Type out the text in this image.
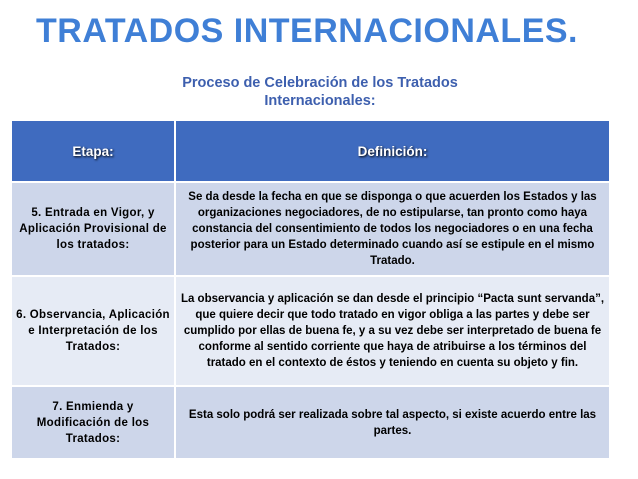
TRATADOS INTERNACIONALES.
Proceso de Celebración de los Tratados
Internacionales:
Etapa:	Definición:
5. Entrada en Vigor, y Aplicación Provisional de los tratados:	Se da desde la fecha en que se disponga o que acuerden los Estados y las organizaciones negociadores, de no estipularse, tan pronto como haya constancia del consentimiento de todos los negociadores o en una fecha posterior para un Estado determinado cuando así se estipule en el mismo Tratado.
6. Observancia, Aplicación e Interpretación de los Tratados:	La observancia y aplicación se dan desde el principio “Pacta sunt servanda”, que quiere decir que todo tratado en vigor obliga a las partes y debe ser cumplido por ellas de buena fe, y a su vez debe ser interpretado de buena fe conforme al sentido corriente que haya de atribuirse a los términos del tratado en el contexto de éstos y teniendo en cuenta su objeto y fin.
7. Enmienda y Modificación de los Tratados:	Esta solo podrá ser realizada sobre tal aspecto, si existe acuerdo entre las partes.
